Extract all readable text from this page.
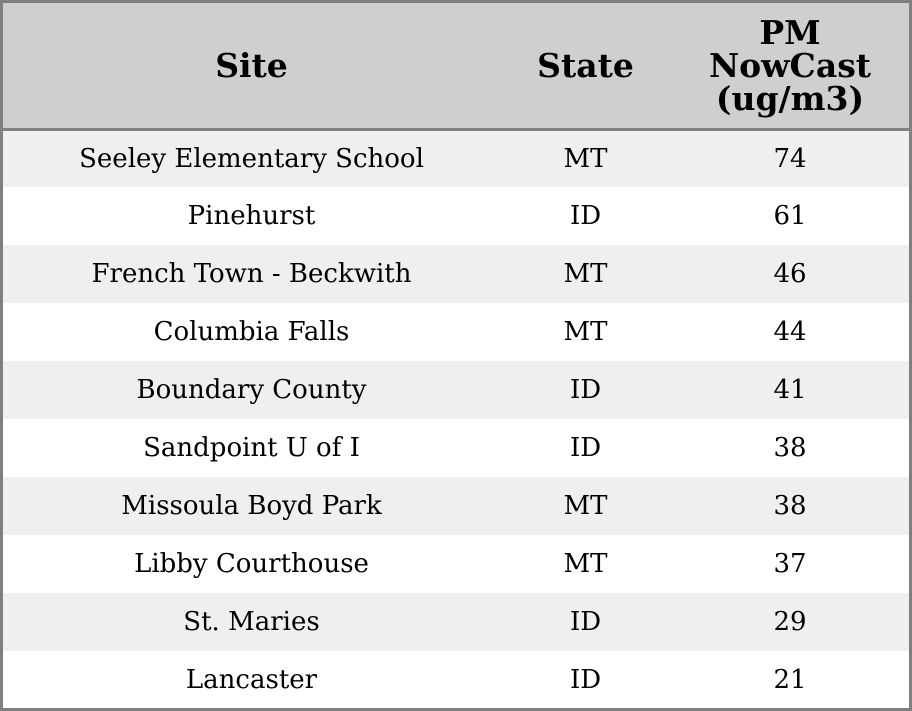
Site	State	PM
NowCast
(ug/m3)

Seeley Elementary School	MT	74
Pinehurst	ID	61
French Town - Beckwith	MT	46
Columbia Falls	MT	44
Boundary County	ID	41
Sandpoint U of I	ID	38
Missoula Boyd Park	MT	38
Libby Courthouse	MT	37
St. Maries	ID	29
Lancaster	ID	21
